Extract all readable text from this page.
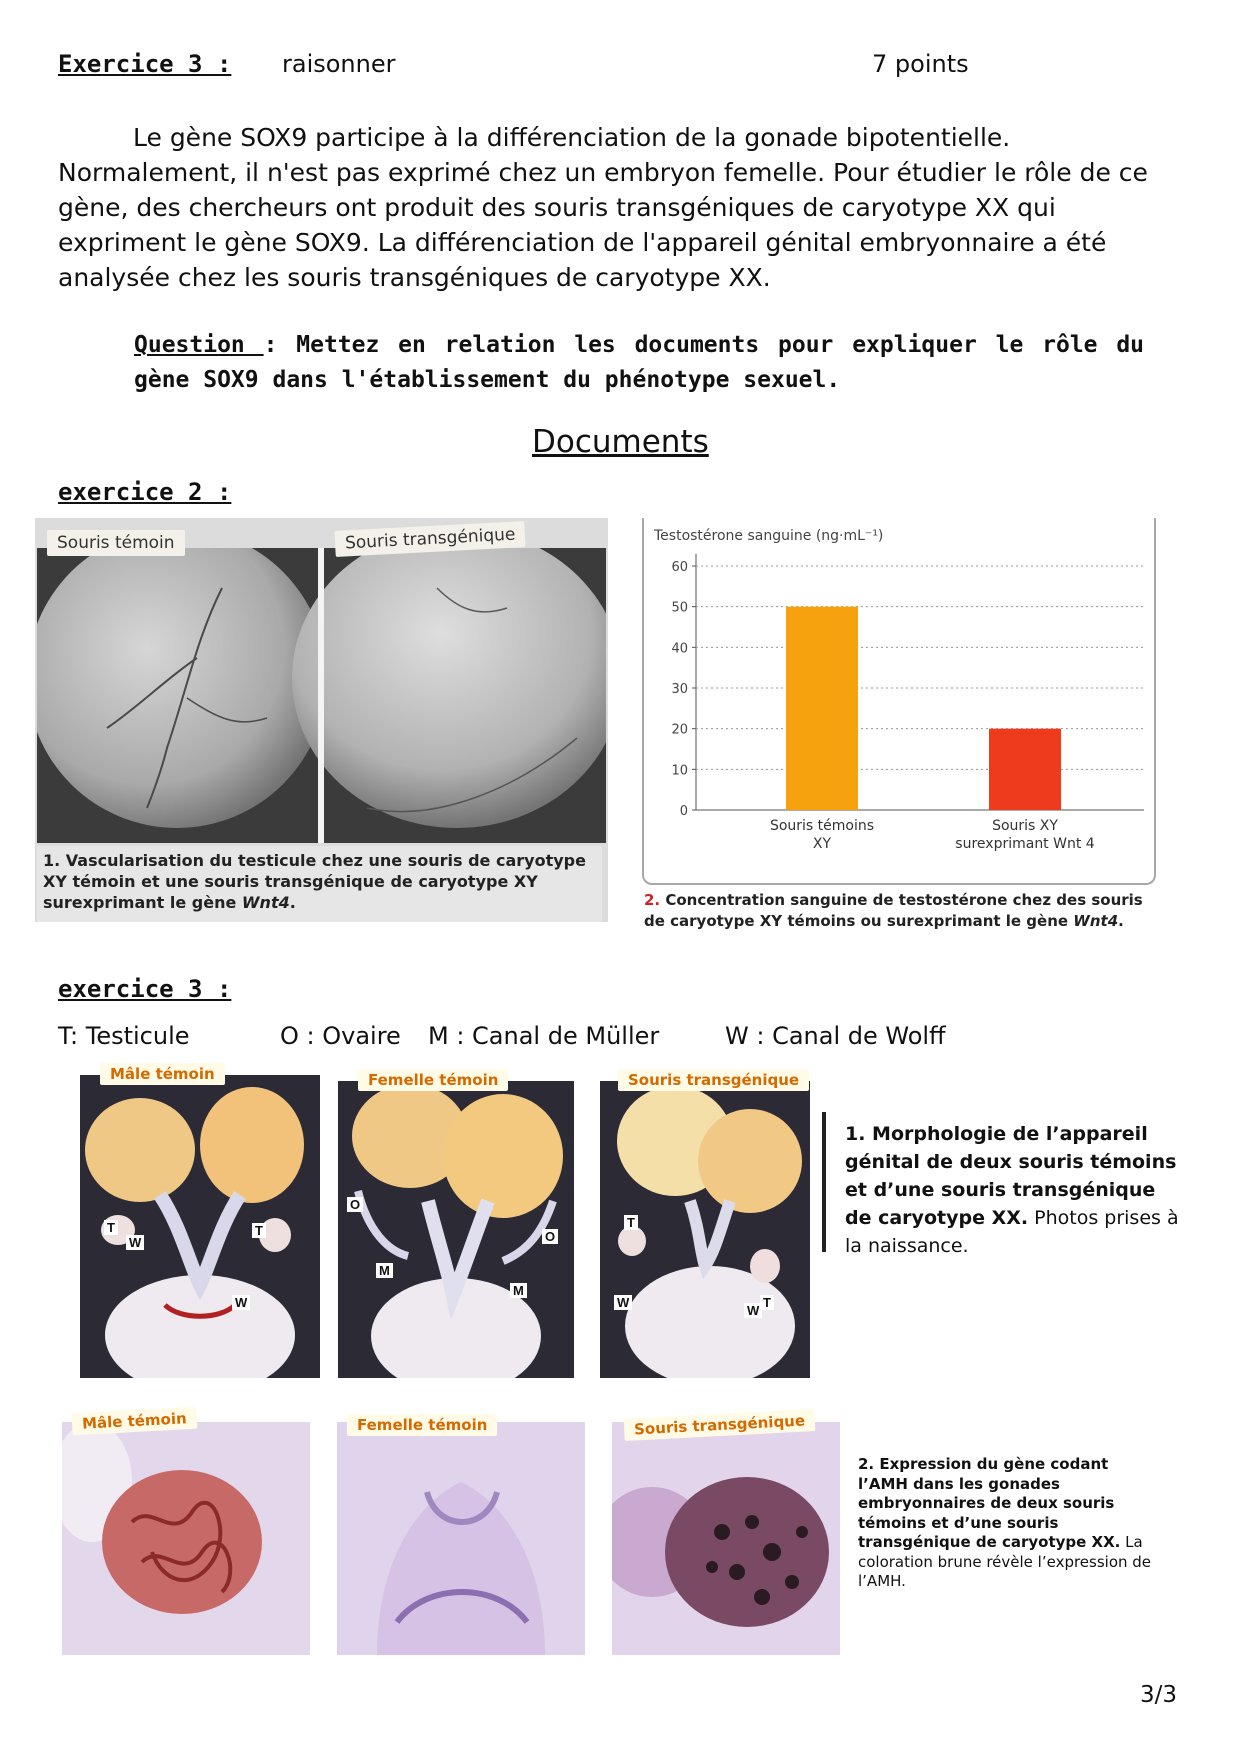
Exercice 3 : raisonner	7 points
Le gène SOX9 participe à la différenciation de la gonade bipotentielle. Normalement, il n'est pas exprimé chez un embryon femelle. Pour étudier le rôle de ce gène, des chercheurs ont produit des souris transgéniques de caryotype XX qui expriment le gène SOX9. La différenciation de l'appareil génital embryonnaire a été analysée chez les souris transgéniques de caryotype XX.
Question : Mettez en relation les documents pour expliquer le rôle du gène SOX9 dans l'établissement du phénotype sexuel.
Documents
exercice 2 :
Souris témoin	Souris transgénique
1. Vascularisation du testicule chez une souris de caryotype XY témoin et une souris transgénique de caryotype XY surexprimant le gène Wnt4.
Testostérone sanguine (ng·mL⁻¹)
0
10
20
30
40
50
60
Souris témoins
XY
Souris XY
surexprimant Wnt 4
2. Concentration sanguine de testostérone chez des souris de caryotype XY témoins ou surexprimant le gène Wnt4.
exercice 3 :
T: Testicule	O : Ovaire M : Canal de Müller	W : Canal de Wolff
Mâle témoin
T
W
T
W
Femelle témoin
O
M
O
M
Souris transgénique
T
W	T
W
1. Morphologie de l’appareil génital de deux souris témoins et d’une souris transgénique de caryotype XX. Photos prises à la naissance.
Mâle témoin	Femelle témoin	Souris transgénique
2. Expression du gène codant l’AMH dans les gonades embryonnaires de deux souris témoins et d’une souris transgénique de caryotype XX. La coloration brune révèle l’expression de l’AMH.
3/3
